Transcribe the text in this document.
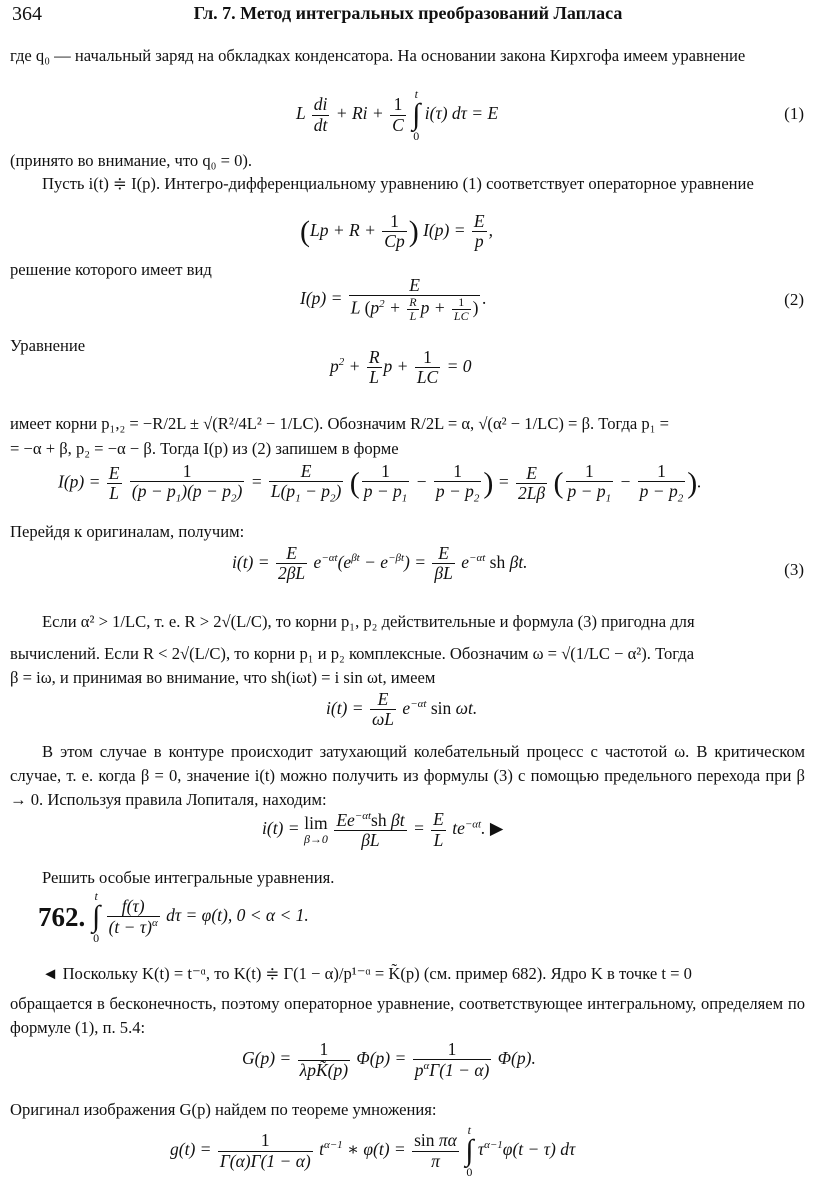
364	Гл. 7. Метод интегральных преобразований Лапласа
где q₀ — начальный заряд на обкладках конденсатора. На основании закона Кирхгофа имеем уравнение
L $\frac{di}{dt} + Ri + \frac{1}{C}$

t
∫
0
i(τ) dτ = E	(1)
(принято во внимание, что q₀ = 0).
Пусть i(t) ≑ I(p). Интегро-дифференциальному уравнению (1) соответствует операторное уравнение
($Lp + R + \frac{1}{Cp}$ ) $I(p) = \frac{E}{p}$ ,
решение которого имеет вид
$I(p) = \frac{E}{L (p^2 + \frac{R}{L} p + \frac{1}{LC} )}$ .	(2)
Уравнение
$p^2 + \frac{R}{L}$ $p + \frac{1}{LC} = 0$
имеет корни p₁,₂ = −R/2L ± √(R²/4L² − 1/LC). Обозначим R/2L = α, √(α² − 1/LC) = β. Тогда p₁ =
= −α + β, p₂ = −α − β. Тогда I(p) из (2) запишем в форме
$I(p) = \frac{E}{L}$
$\frac{1}{(p - p_1)(p - p_2)} = \frac{E}{L(p_1 - p_2)}$ ( $\frac{1}{p - p_1} - \frac{1}{p - p_2}$ ) = $\frac{E}{2L\beta}$ ( $\frac{1}{p - p_1} - \frac{1}{p - p_2}$ ).
Перейдя к оригиналам, получим:
$i(t) = \frac{E}{2\beta L} e^{-\alpha t}(e^{\beta t} - e^{-\beta t}) = \frac{E}{\beta L} e^{-\alpha t}$ sh βt.	(3)
Если α² > 1/LC, т. е. R > 2√(L/C), то корни p₁, p₂ действительные и формула (3) пригодна для
вычислений. Если R < 2√(L/C), то корни p₁ и p₂ комплексные. Обозначим ω = √(1/LC − α²). Тогда
β = iω, и принимая во внимание, что sh(iωt) = i sin ωt, имеем
$i(t) = \frac{E}{\omega L} e^{-\alpha t}$ sin ωt.
В этом случае в контуре происходит затухающий колебательный процесс с частотой ω. В критическом случае, т. е. когда β = 0, значение i(t) можно получить из формулы (3) с помощью предельного перехода при β → 0. Используя правила Лопиталя, находим:
i(t) = lim
β→0
$\frac{Ee^{-\alpha t}sh \beta t}{\beta L} = \frac{E}{L} te^{-\alpha t}$. ▶
Решить особые интегральные уравнения.
762.
t
∫
0

$\frac{f(\tau)}{(t - \tau)^\alpha}$ dτ = φ(t), 0 < α < 1.
◄ Поскольку K(t) = t⁻ᵅ, то K(t) ≑ Γ(1 − α)/p¹⁻ᵅ = K̃(p) (см. пример 682). Ядро K в точке t = 0
обращается в бесконечность, поэтому операторное уравнение, соответствующее интегральному, определяем по формуле (1), п. 5.4:
$G(p) = \frac{1}{\text{λpK̃(p)}} \Phi(p) = \frac{1}{p^\alpha\Gamma(1 - \alpha)} \Phi(p)$.
Оригинал изображения G(p) найдем по теореме умножения:
$g(t) = \frac{1}{\Gamma(\alpha)\Gamma(1 - \alpha)} t^{\alpha-1}$ ∗ $\varphi(t) = \frac{\text{sin πα}}{\pi}$

t
∫
0
$\tau^{\alpha-1}\varphi(t - \tau)$ dτ
